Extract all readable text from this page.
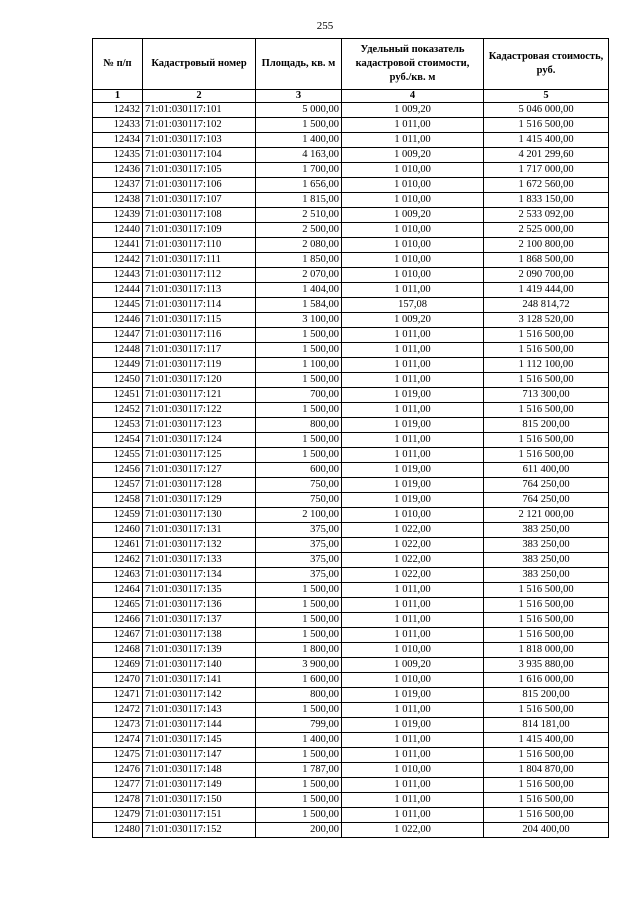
255
№ п/п	Кадастровый номер	Площадь, кв. м	Удельный показатель кадастровой стоимости, руб./кв. м	Кадастровая стоимость, руб.
1	2	3	4	5
12432	71:01:030117:101	5 000,00	1 009,20	5 046 000,00
12433	71:01:030117:102	1 500,00	1 011,00	1 516 500,00
12434	71:01:030117:103	1 400,00	1 011,00	1 415 400,00
12435	71:01:030117:104	4 163,00	1 009,20	4 201 299,60
12436	71:01:030117:105	1 700,00	1 010,00	1 717 000,00
12437	71:01:030117:106	1 656,00	1 010,00	1 672 560,00
12438	71:01:030117:107	1 815,00	1 010,00	1 833 150,00
12439	71:01:030117:108	2 510,00	1 009,20	2 533 092,00
12440	71:01:030117:109	2 500,00	1 010,00	2 525 000,00
12441	71:01:030117:110	2 080,00	1 010,00	2 100 800,00
12442	71:01:030117:111	1 850,00	1 010,00	1 868 500,00
12443	71:01:030117:112	2 070,00	1 010,00	2 090 700,00
12444	71:01:030117:113	1 404,00	1 011,00	1 419 444,00
12445	71:01:030117:114	1 584,00	157,08	248 814,72
12446	71:01:030117:115	3 100,00	1 009,20	3 128 520,00
12447	71:01:030117:116	1 500,00	1 011,00	1 516 500,00
12448	71:01:030117:117	1 500,00	1 011,00	1 516 500,00
12449	71:01:030117:119	1 100,00	1 011,00	1 112 100,00
12450	71:01:030117:120	1 500,00	1 011,00	1 516 500,00
12451	71:01:030117:121	700,00	1 019,00	713 300,00
12452	71:01:030117:122	1 500,00	1 011,00	1 516 500,00
12453	71:01:030117:123	800,00	1 019,00	815 200,00
12454	71:01:030117:124	1 500,00	1 011,00	1 516 500,00
12455	71:01:030117:125	1 500,00	1 011,00	1 516 500,00
12456	71:01:030117:127	600,00	1 019,00	611 400,00
12457	71:01:030117:128	750,00	1 019,00	764 250,00
12458	71:01:030117:129	750,00	1 019,00	764 250,00
12459	71:01:030117:130	2 100,00	1 010,00	2 121 000,00
12460	71:01:030117:131	375,00	1 022,00	383 250,00
12461	71:01:030117:132	375,00	1 022,00	383 250,00
12462	71:01:030117:133	375,00	1 022,00	383 250,00
12463	71:01:030117:134	375,00	1 022,00	383 250,00
12464	71:01:030117:135	1 500,00	1 011,00	1 516 500,00
12465	71:01:030117:136	1 500,00	1 011,00	1 516 500,00
12466	71:01:030117:137	1 500,00	1 011,00	1 516 500,00
12467	71:01:030117:138	1 500,00	1 011,00	1 516 500,00
12468	71:01:030117:139	1 800,00	1 010,00	1 818 000,00
12469	71:01:030117:140	3 900,00	1 009,20	3 935 880,00
12470	71:01:030117:141	1 600,00	1 010,00	1 616 000,00
12471	71:01:030117:142	800,00	1 019,00	815 200,00
12472	71:01:030117:143	1 500,00	1 011,00	1 516 500,00
12473	71:01:030117:144	799,00	1 019,00	814 181,00
12474	71:01:030117:145	1 400,00	1 011,00	1 415 400,00
12475	71:01:030117:147	1 500,00	1 011,00	1 516 500,00
12476	71:01:030117:148	1 787,00	1 010,00	1 804 870,00
12477	71:01:030117:149	1 500,00	1 011,00	1 516 500,00
12478	71:01:030117:150	1 500,00	1 011,00	1 516 500,00
12479	71:01:030117:151	1 500,00	1 011,00	1 516 500,00
12480	71:01:030117:152	200,00	1 022,00	204 400,00
